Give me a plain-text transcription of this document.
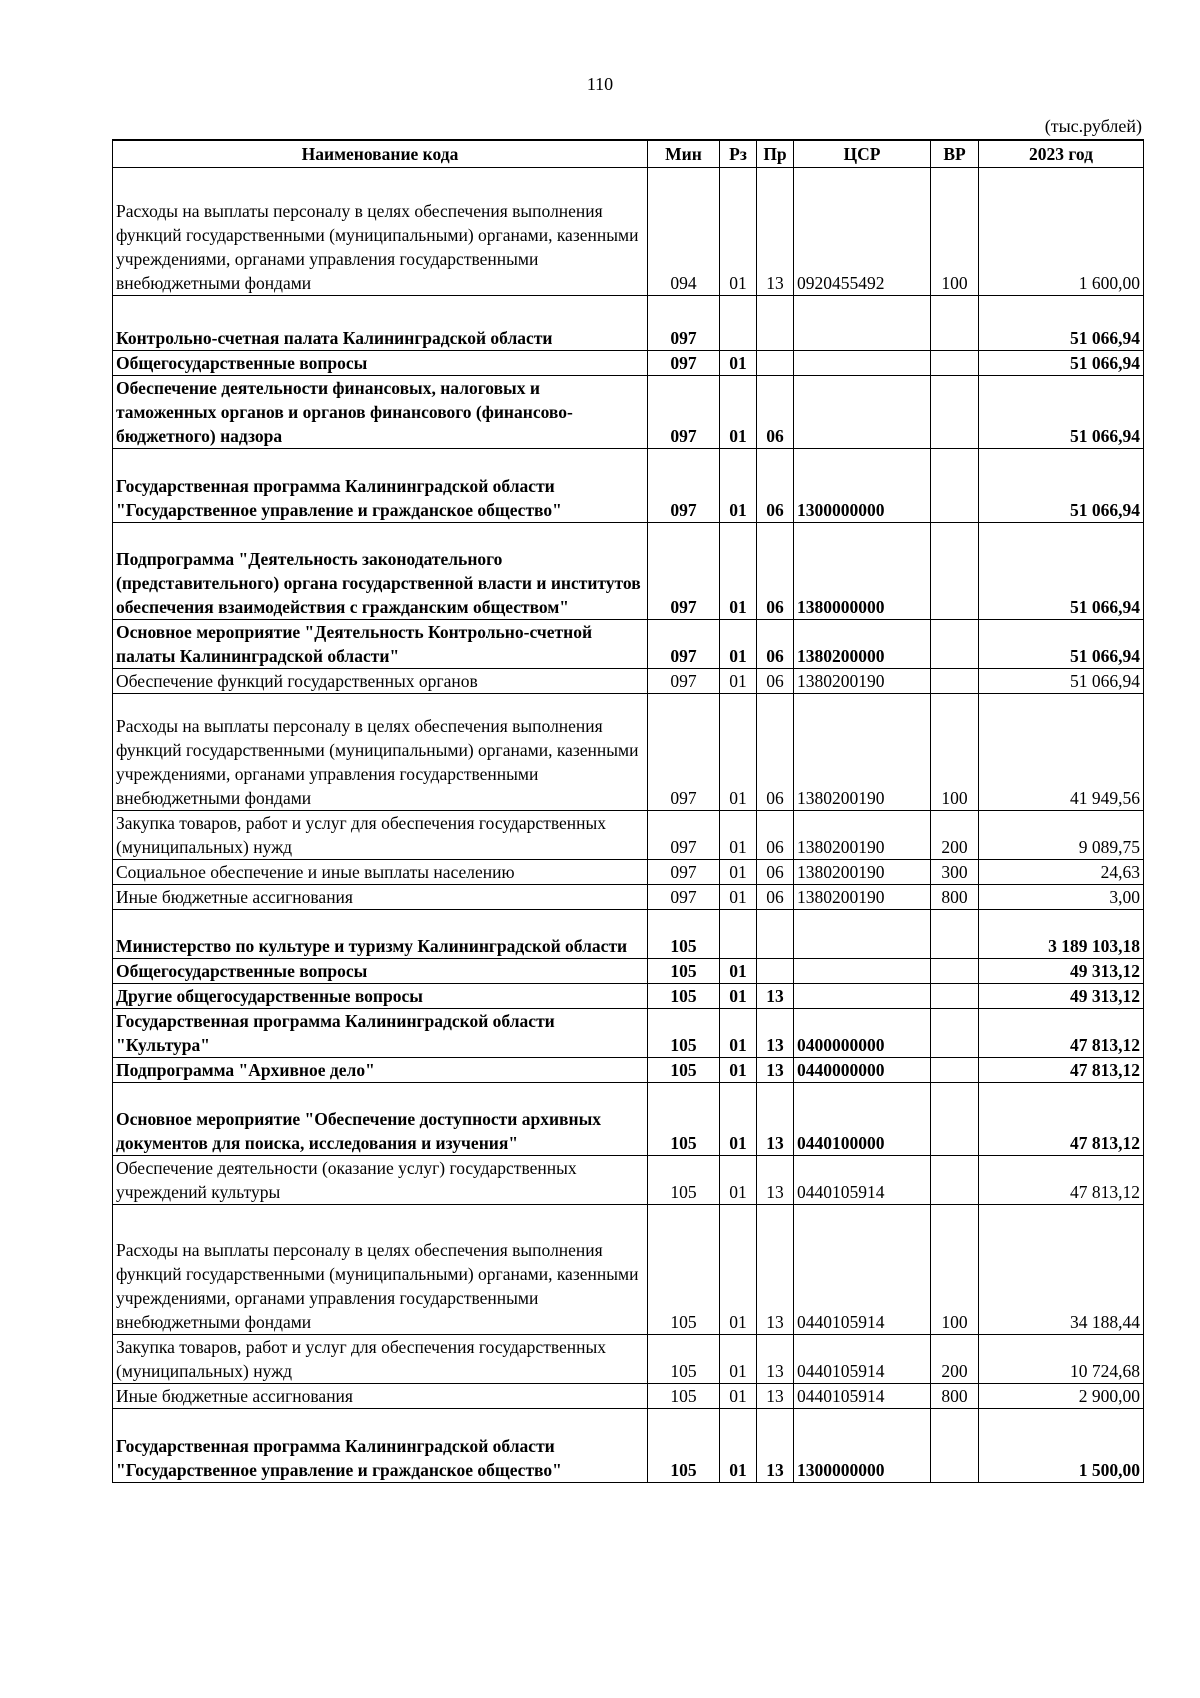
110
(тыс.рублей)
Наименование кода	Мин	Рз	Пр	ЦСР	ВР	2023 год
Расходы на выплаты персоналу в целях обеспечения выполнения функций государственными (муниципальными) органами, казенными учреждениями, органами управления государственными внебюджетными фондами	094	01	13	0920455492	100	1 600,00
Контрольно-счетная палата Калининградской области	097					51 066,94
Общегосударственные вопросы	097	01				51 066,94
Обеспечение деятельности финансовых, налоговых и таможенных органов и органов финансового (финансово-бюджетного) надзора	097	01	06			51 066,94
Государственная программа Калининградской области "Государственное управление и гражданское общество"	097	01	06	1300000000		51 066,94
Подпрограмма "Деятельность законодательного (представительного) органа государственной власти и институтов обеспечения взаимодействия с гражданским обществом"	097	01	06	1380000000		51 066,94
Основное мероприятие "Деятельность Контрольно-счетной палаты Калининградской области"	097	01	06	1380200000		51 066,94
Обеспечение функций государственных органов	097	01	06	1380200190		51 066,94
Расходы на выплаты персоналу в целях обеспечения выполнения функций государственными (муниципальными) органами, казенными учреждениями, органами управления государственными внебюджетными фондами	097	01	06	1380200190	100	41 949,56
Закупка товаров, работ и услуг для обеспечения государственных (муниципальных) нужд	097	01	06	1380200190	200	9 089,75
Социальное обеспечение и иные выплаты населению	097	01	06	1380200190	300	24,63
Иные бюджетные ассигнования	097	01	06	1380200190	800	3,00
Министерство по культуре и туризму Калининградской области	105					3 189 103,18
Общегосударственные вопросы	105	01				49 313,12
Другие общегосударственные вопросы	105	01	13			49 313,12
Государственная программа Калининградской области "Культура"	105	01	13	0400000000		47 813,12
Подпрограмма "Архивное дело"	105	01	13	0440000000		47 813,12
Основное мероприятие "Обеспечение доступности архивных документов для поиска, исследования и изучения"	105	01	13	0440100000		47 813,12
Обеспечение деятельности (оказание услуг) государственных учреждений культуры	105	01	13	0440105914		47 813,12
Расходы на выплаты персоналу в целях обеспечения выполнения функций государственными (муниципальными) органами, казенными учреждениями, органами управления государственными внебюджетными фондами	105	01	13	0440105914	100	34 188,44
Закупка товаров, работ и услуг для обеспечения государственных (муниципальных) нужд	105	01	13	0440105914	200	10 724,68
Иные бюджетные ассигнования	105	01	13	0440105914	800	2 900,00
Государственная программа Калининградской области "Государственное управление и гражданское общество"	105	01	13	1300000000		1 500,00
